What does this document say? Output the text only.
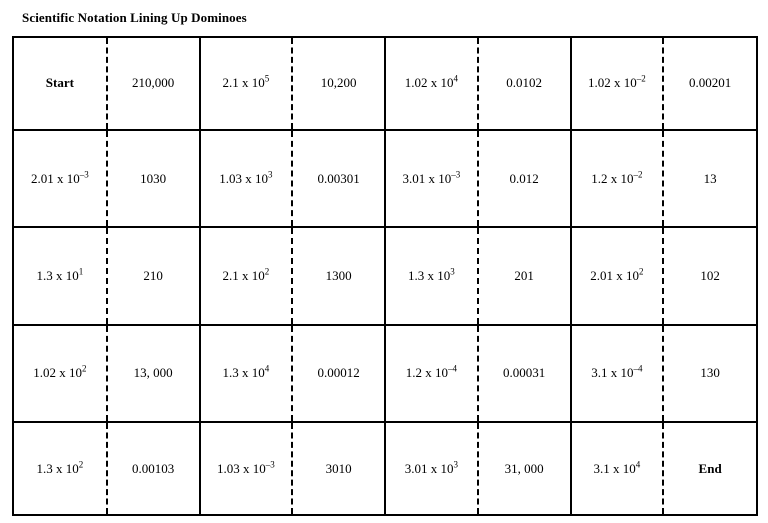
Scientific Notation Lining Up Dominoes
Start	210,000	2.1 x $10^5$	10,200	1.02 x $10^4$	0.0102	1.02 x $10^{-2}$	0.00201
2.01 x $10^{-3}$	1030	1.03 x $10^3$	0.00301	3.01 x $10^{-3}$	0.012	1.2 x $10^{-2}$	13
1.3 x $10^1$	210	2.1 x $10^2$	1300	1.3 x $10^3$	201	2.01 x $10^2$	102
1.02 x $10^2$	13, 000	1.3 x $10^4$	0.00012	1.2 x $10^{-4}$	0.00031	3.1 x $10^{-4}$	130
1.3 x $10^2$	0.00103	1.03 x $10^{-3}$	3010	3.01 x $10^3$	31, 000	3.1 x $10^4$	End
